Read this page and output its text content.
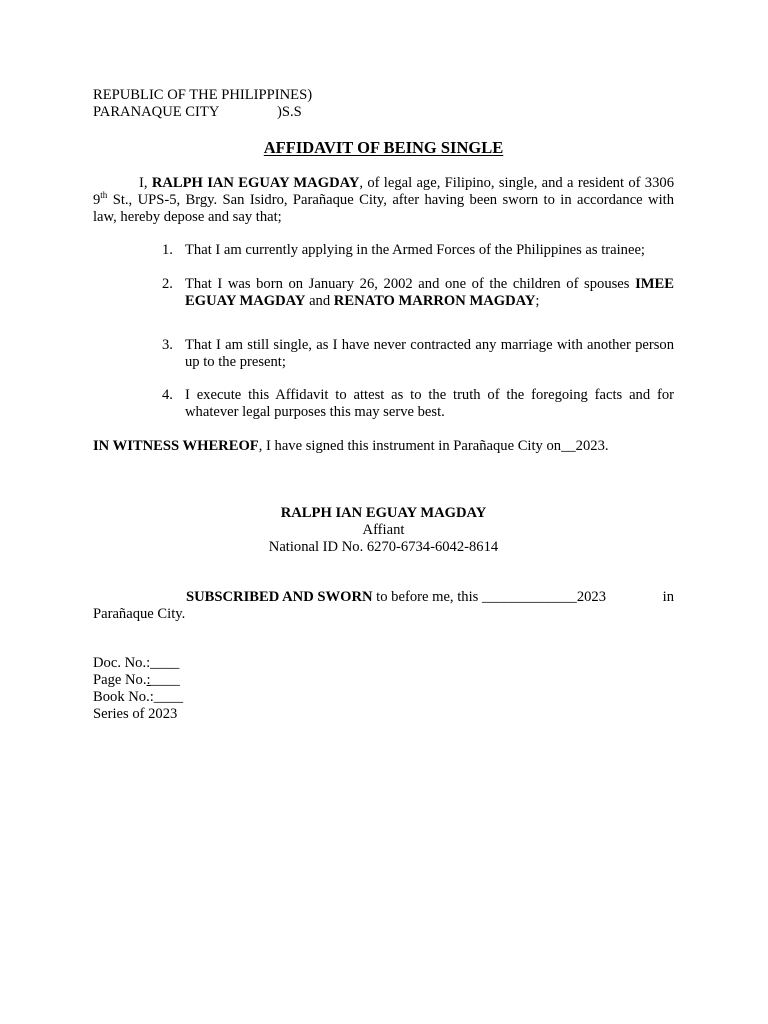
REPUBLIC OF THE PHILIPPINES)
PARANAQUE CITY	)S.S
AFFIDAVIT OF BEING SINGLE

I, RALPH IAN EGUAY MAGDAY, of legal age, Filipino, single, and a resident of 3306 9th St., UPS-5, Brgy. San Isidro, Parañaque City, after having been sworn to in accordance with law, hereby depose and say that;

1. That I am currently applying in the Armed Forces of the Philippines as trainee;

2. That I was born on January 26, 2002 and one of the children of spouses IMEE EGUAY MAGDAY and RENATO MARRON MAGDAY;

3. That I am still single, as I have never contracted any marriage with another person up to the present;

4. I execute this Affidavit to attest as to the truth of the foregoing facts and for whatever legal purposes this may serve best.

IN WITNESS WHEREOF, I have signed this instrument in Parañaque City on__2023.

RALPH IAN EGUAY MAGDAY
Affiant
National ID No. 6270-6734-6042-8614
SUBSCRIBED AND SWORN to before me, this _____________2023	in
Parañaque City.
Doc. No.:____
Page No.:____
Book No.:____
Series of 2023
